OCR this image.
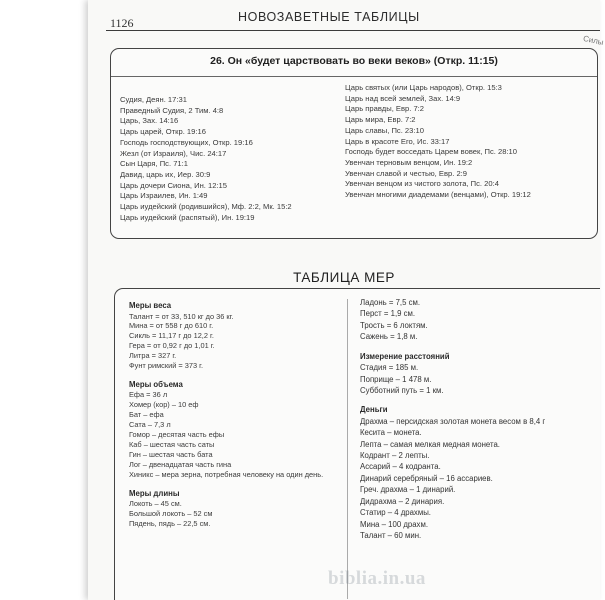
1126	НОВОЗАВЕТНЫЕ ТАБЛИЦЫ
Силы
26. Он «будет царствовать во веки веков» (Откр. 11:15)
Судия, Деян. 17:31
Праведный Судия, 2 Тим. 4:8
Царь, Зах. 14:16
Царь царей, Откр. 19:16
Господь господствующих, Откр. 19:16
Жезл (от Израиля), Чис. 24:17
Сын Царя, Пс. 71:1
Давид, царь их, Иер. 30:9
Царь дочери Сиона, Ин. 12:15
Царь Израилев, Ин. 1:49
Царь иудейский (родившийся), Мф. 2:2, Мк. 15:2
Царь иудейский (распятый), Ин. 19:19
Царь святых (или Царь народов), Откр. 15:3
Царь над всей землей, Зах. 14:9
Царь правды, Евр. 7:2
Царь мира, Евр. 7:2
Царь славы, Пс. 23:10
Царь в красоте Его, Ис. 33:17
Господь будет восседать Царем вовек, Пс. 28:10
Увенчан терновым венцом, Ин. 19:2
Увенчан славой и честью, Евр. 2:9
Увенчан венцом из чистого золота, Пс. 20:4
Увенчан многими диадемами (венцами), Откр. 19:12
ТАБЛИЦА МЕР
Меры веса
Талант = от 33, 510 кг до 36 кг.
Мина = от 558 г до 610 г.
Сикль = 11,17 г до 12,2 г.
Гера = от 0,92 г до 1,01 г.
Литра = 327 г.
Фунт римский = 373 г.
Меры объема
Ефа = 36 л
Хомер (кор) – 10 еф
Бат – ефа
Сата – 7,3 л
Гомор – десятая часть ефы
Каб – шестая часть саты
Гин – шестая часть бата
Лог – двенадцатая часть гина
Хиникс – мера зерна, потребная человеку на один день.
Меры длины
Локоть – 45 см.
Большой локоть – 52 см
Пядень, пядь – 22,5 см.
Ладонь = 7,5 см.
Перст = 1,9 см.
Трость = 6 локтям.
Сажень = 1,8 м.
Измерение расстояний
Стадия = 185 м.
Поприще – 1 478 м.
Субботний путь = 1 км.
Деньги
Драхма – персидская золотая монета весом в 8,4 г
Кесита – монета.
Лепта – самая мелкая медная монета.
Кодрант – 2 лепты.
Ассарий – 4 кодранта.
Динарий серебряный – 16 ассариев.
Греч. драхма – 1 динарий.
Дидрахма – 2 динария.
Статир – 4 драхмы.
Мина – 100 драхм.
Талант – 60 мин.
biblia.in.ua
